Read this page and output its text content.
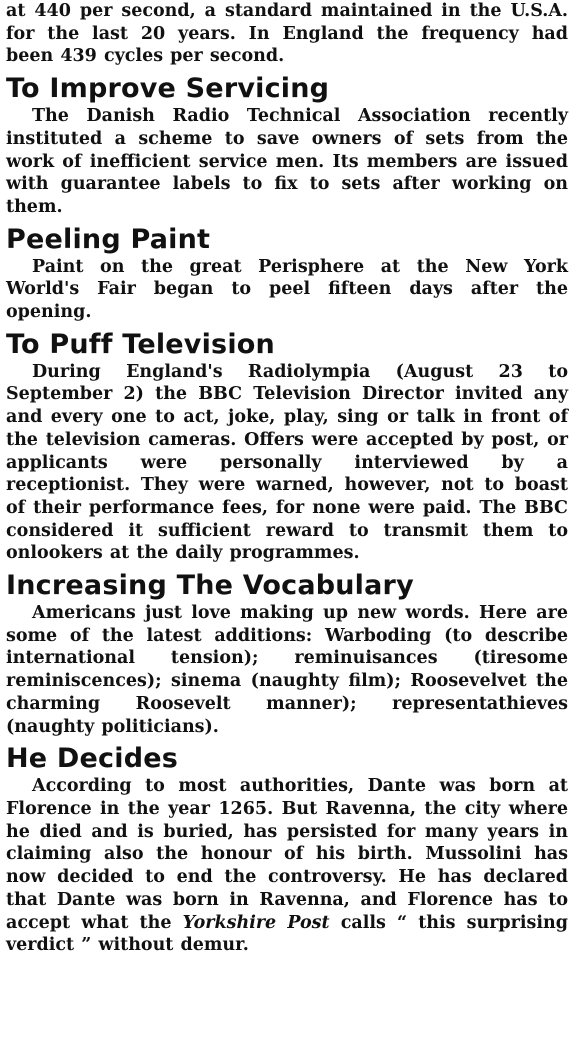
at 440 per second, a standard maintained in the U.S.A. for the last 20 years. In England the frequency had been 439 cycles per second.

To Improve Servicing

The Danish Radio Technical Association recently instituted a scheme to save owners of sets from the work of inefficient service men. Its members are issued with guarantee labels to fix to sets after working on them.

Peeling Paint

Paint on the great Perisphere at the New York World's Fair began to peel fifteen days after the opening.

To Puff Television

During England's Radiolympia (August 23 to September 2) the BBC Television Director invited any and every one to act, joke, play, sing or talk in front of the television cameras. Offers were accepted by post, or applicants were personally interviewed by a receptionist. They were warned, however, not to boast of their performance fees, for none were paid. The BBC considered it sufficient reward to transmit them to onlookers at the daily programmes.

Increasing The Vocabulary

Americans just love making up new words. Here are some of the latest additions: Warboding (to describe international tension); reminuisances (tiresome reminiscences); sinema (naughty film); Roosevelvet the charming Roosevelt manner); representathieves (naughty politicians).

He Decides

According to most authorities, Dante was born at Florence in the year 1265. But Ravenna, the city where he died and is buried, has persisted for many years in claiming also the honour of his birth. Mussolini has now decided to end the controversy. He has declared that Dante was born in Ravenna, and Florence has to accept what the Yorkshire Post calls “ this surprising verdict ” without demur.
